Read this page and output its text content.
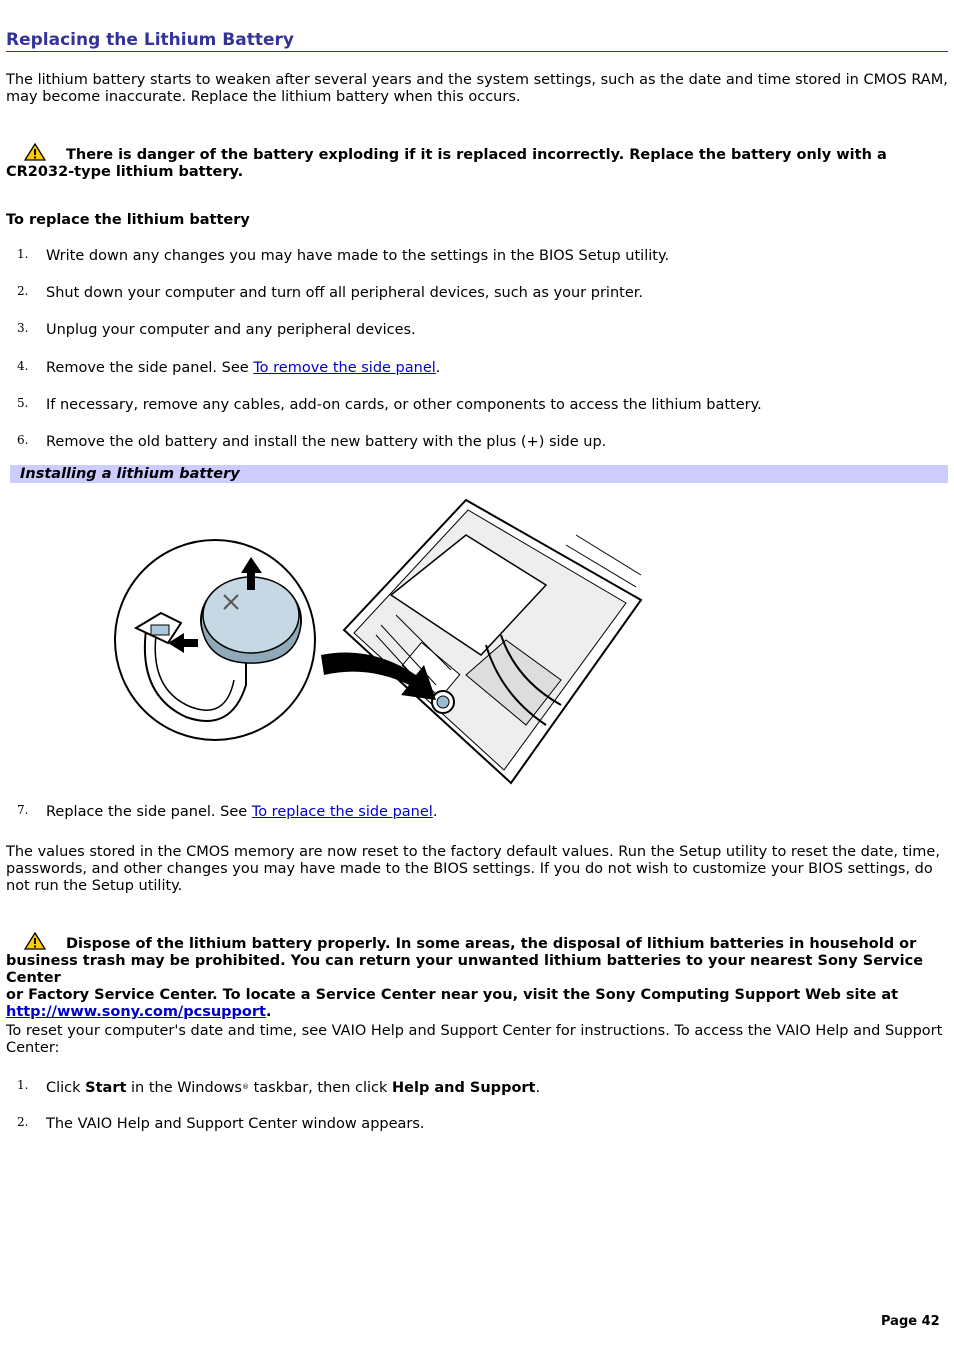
Replacing the Lithium Battery

The lithium battery starts to weaken after several years and the system settings, such as the date and time stored in CMOS RAM, may become inaccurate. Replace the lithium battery when this occurs.

There is danger of the battery exploding if it is replaced incorrectly. Replace the battery only with a CR2032-type lithium battery.

To replace the lithium battery
1. Write down any changes you may have made to the settings in the BIOS Setup utility.
2. Shut down your computer and turn off all peripheral devices, such as your printer.
3. Unplug your computer and any peripheral devices.
4. Remove the side panel. See To remove the side panel.
5. If necessary, remove any cables, add-on cards, or other components to access the lithium battery.
6. Remove the old battery and install the new battery with the plus (+) side up.
Installing a lithium battery
7. Replace the side panel. See To replace the side panel.

The values stored in the CMOS memory are now reset to the factory default values. Run the Setup utility to reset the date, time, passwords, and other changes you may have made to the BIOS settings. If you do not wish to customize your BIOS settings, do not run the Setup utility.

Dispose of the lithium battery properly. In some areas, the disposal of lithium batteries in household or
business trash may be prohibited. You can return your unwanted lithium batteries to your nearest Sony Service Center
or Factory Service Center. To locate a Service Center near you, visit the Sony Computing Support Web site at
http://www.sony.com/pcsupport.

To reset your computer's date and time, see VAIO Help and Support Center for instructions. To access the VAIO Help and Support Center:

1. Click Start in the Windows® taskbar, then click Help and Support.
2. The VAIO Help and Support Center window appears.
Page 42
